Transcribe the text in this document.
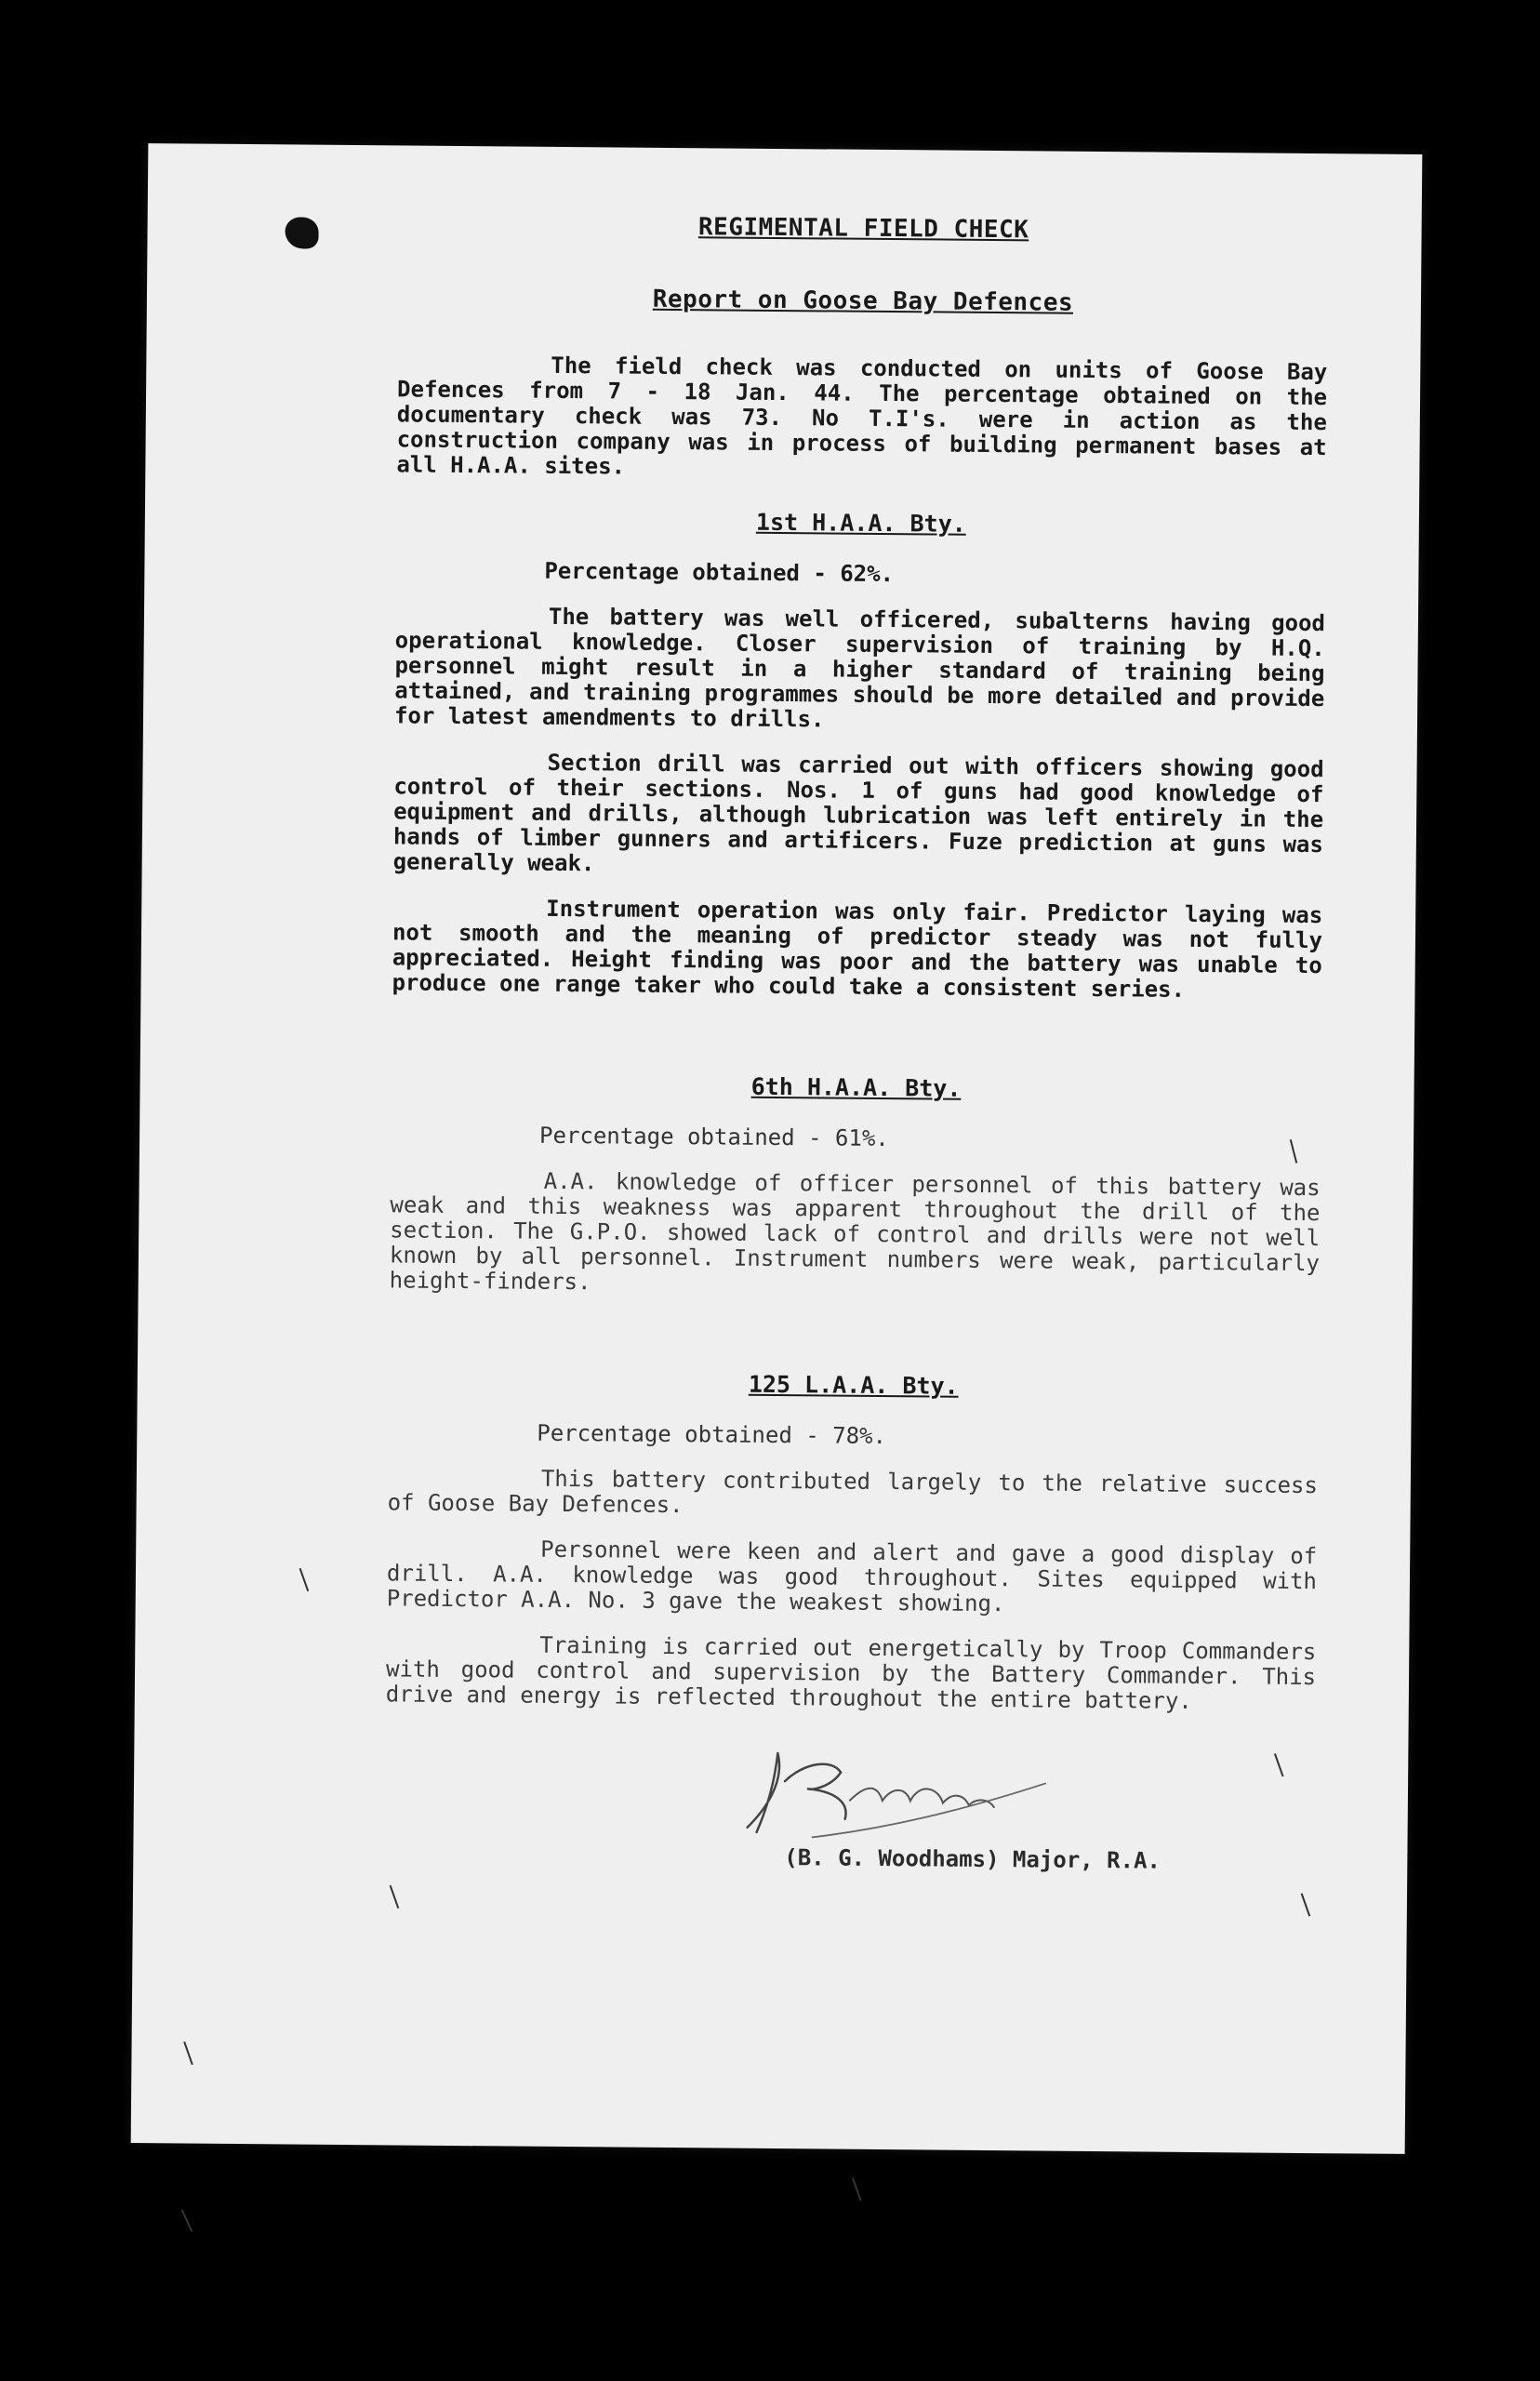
REGIMENTAL FIELD CHECK
Report on Goose Bay Defences

The field check was conducted on units of Goose Bay Defences from 7 - 18 Jan. 44. The percentage obtained on the documentary check was 73. No T.I's. were in action as the construction company was in process of building permanent bases at all H.A.A. sites.

1st H.A.A. Bty.
Percentage obtained - 62%.

The battery was well officered, subalterns having good operational knowledge. Closer supervision of training by H.Q. personnel might result in a higher standard of training being attained, and training programmes should be more detailed and provide for latest amendments to drills.

Section drill was carried out with officers showing good control of their sections. Nos. 1 of guns had good knowledge of equipment and drills, although lubrication was left entirely in the hands of limber gunners and artificers. Fuze prediction at guns was generally weak.

Instrument operation was only fair. Predictor laying was not smooth and the meaning of predictor steady was not fully appreciated. Height finding was poor and the battery was unable to produce one range taker who could take a consistent series.

6th H.A.A. Bty.
Percentage obtained - 61%.

A.A. knowledge of officer personnel of this battery was weak and this weakness was apparent throughout the drill of the section. The G.P.O. showed lack of control and drills were not well known by all personnel. Instrument numbers were weak, particularly height-finders.

125 L.A.A. Bty.
Percentage obtained - 78%.

This battery contributed largely to the relative success of Goose Bay Defences.

Personnel were keen and alert and gave a good display of drill. A.A. knowledge was good throughout. Sites equipped with Predictor A.A. No. 3 gave the weakest showing.

Training is carried out energetically by Troop Commanders with good control and supervision by the Battery Commander. This drive and energy is reflected throughout the entire battery.

(B. G. Woodhams) Major, R.A.
